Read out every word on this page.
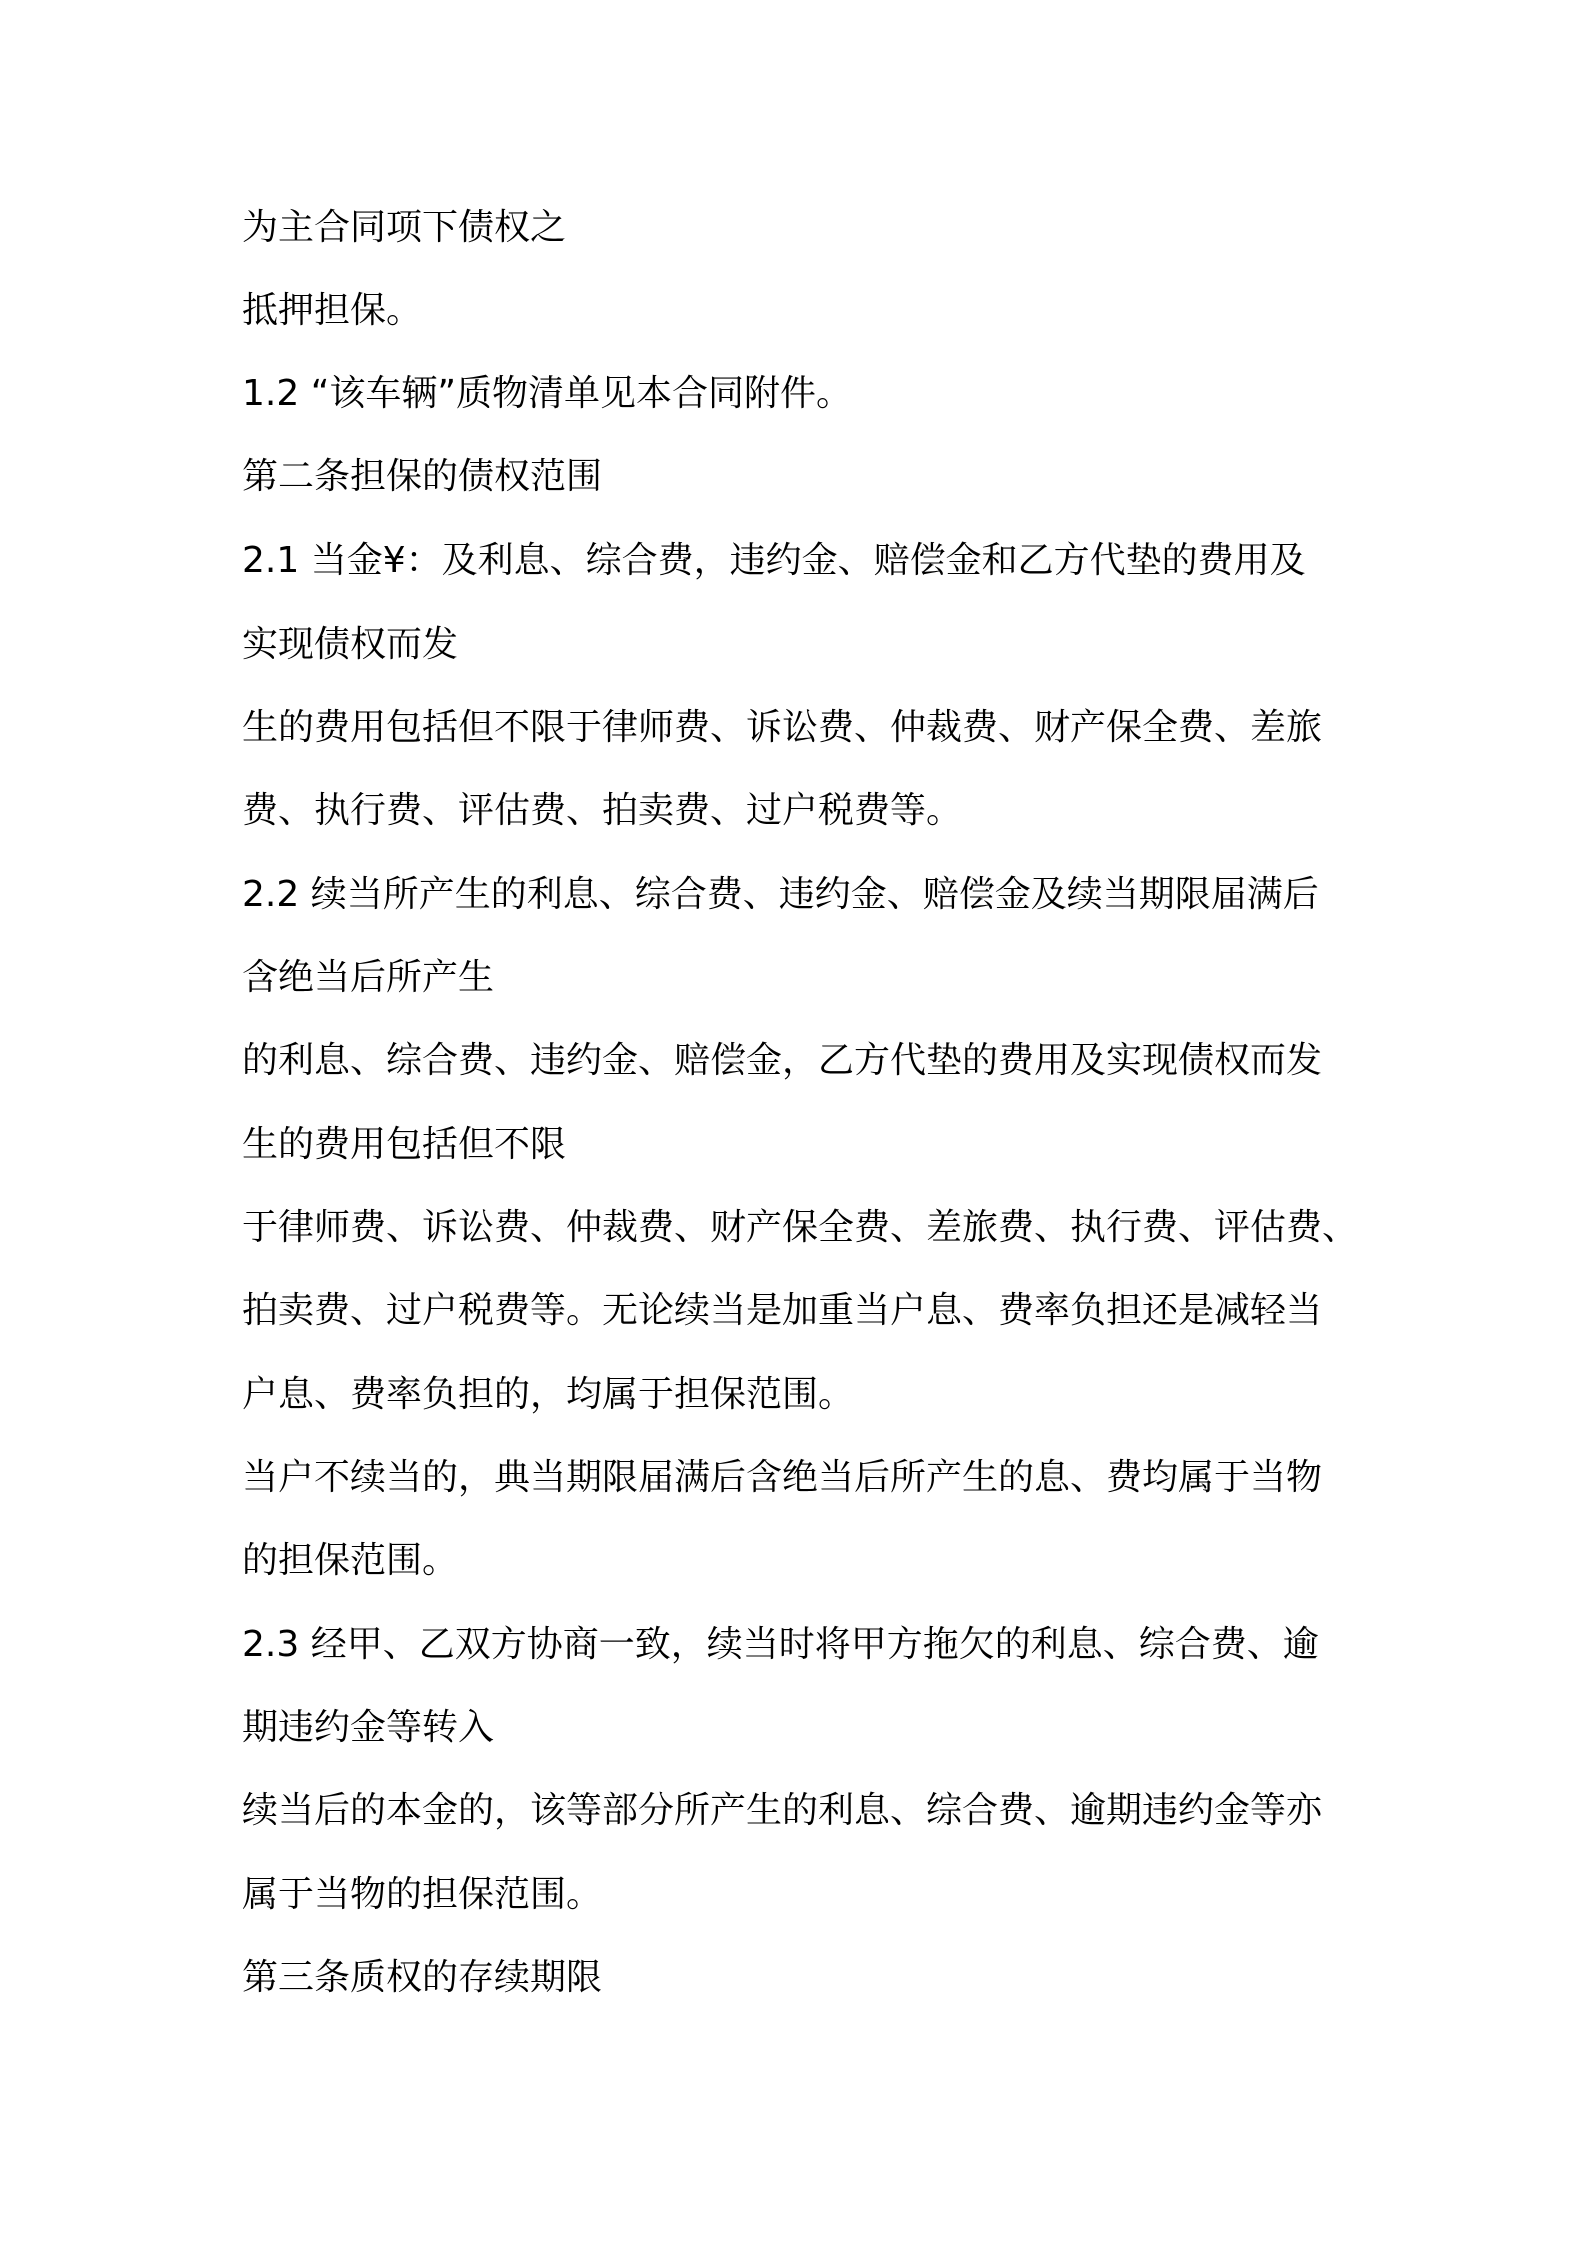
为主合同项下债权之

抵押担保。

1.2 “该车辆”质物清单见本合同附件。

第二条担保的债权范围

2.1 当金¥：及利息、综合费，违约金、赔偿金和乙方代垫的费用及

实现债权而发

生的费用包括但不限于律师费、诉讼费、仲裁费、财产保全费、差旅

费、执行费、评估费、拍卖费、过户税费等。

2.2 续当所产生的利息、综合费、违约金、赔偿金及续当期限届满后

含绝当后所产生

的利息、综合费、违约金、赔偿金，乙方代垫的费用及实现债权而发

生的费用包括但不限

于律师费、诉讼费、仲裁费、财产保全费、差旅费、执行费、评估费、

拍卖费、过户税费等。无论续当是加重当户息、费率负担还是减轻当

户息、费率负担的，均属于担保范围。

当户不续当的，典当期限届满后含绝当后所产生的息、费均属于当物

的担保范围。

2.3 经甲、乙双方协商一致，续当时将甲方拖欠的利息、综合费、逾

期违约金等转入

续当后的本金的，该等部分所产生的利息、综合费、逾期违约金等亦

属于当物的担保范围。

第三条质权的存续期限
